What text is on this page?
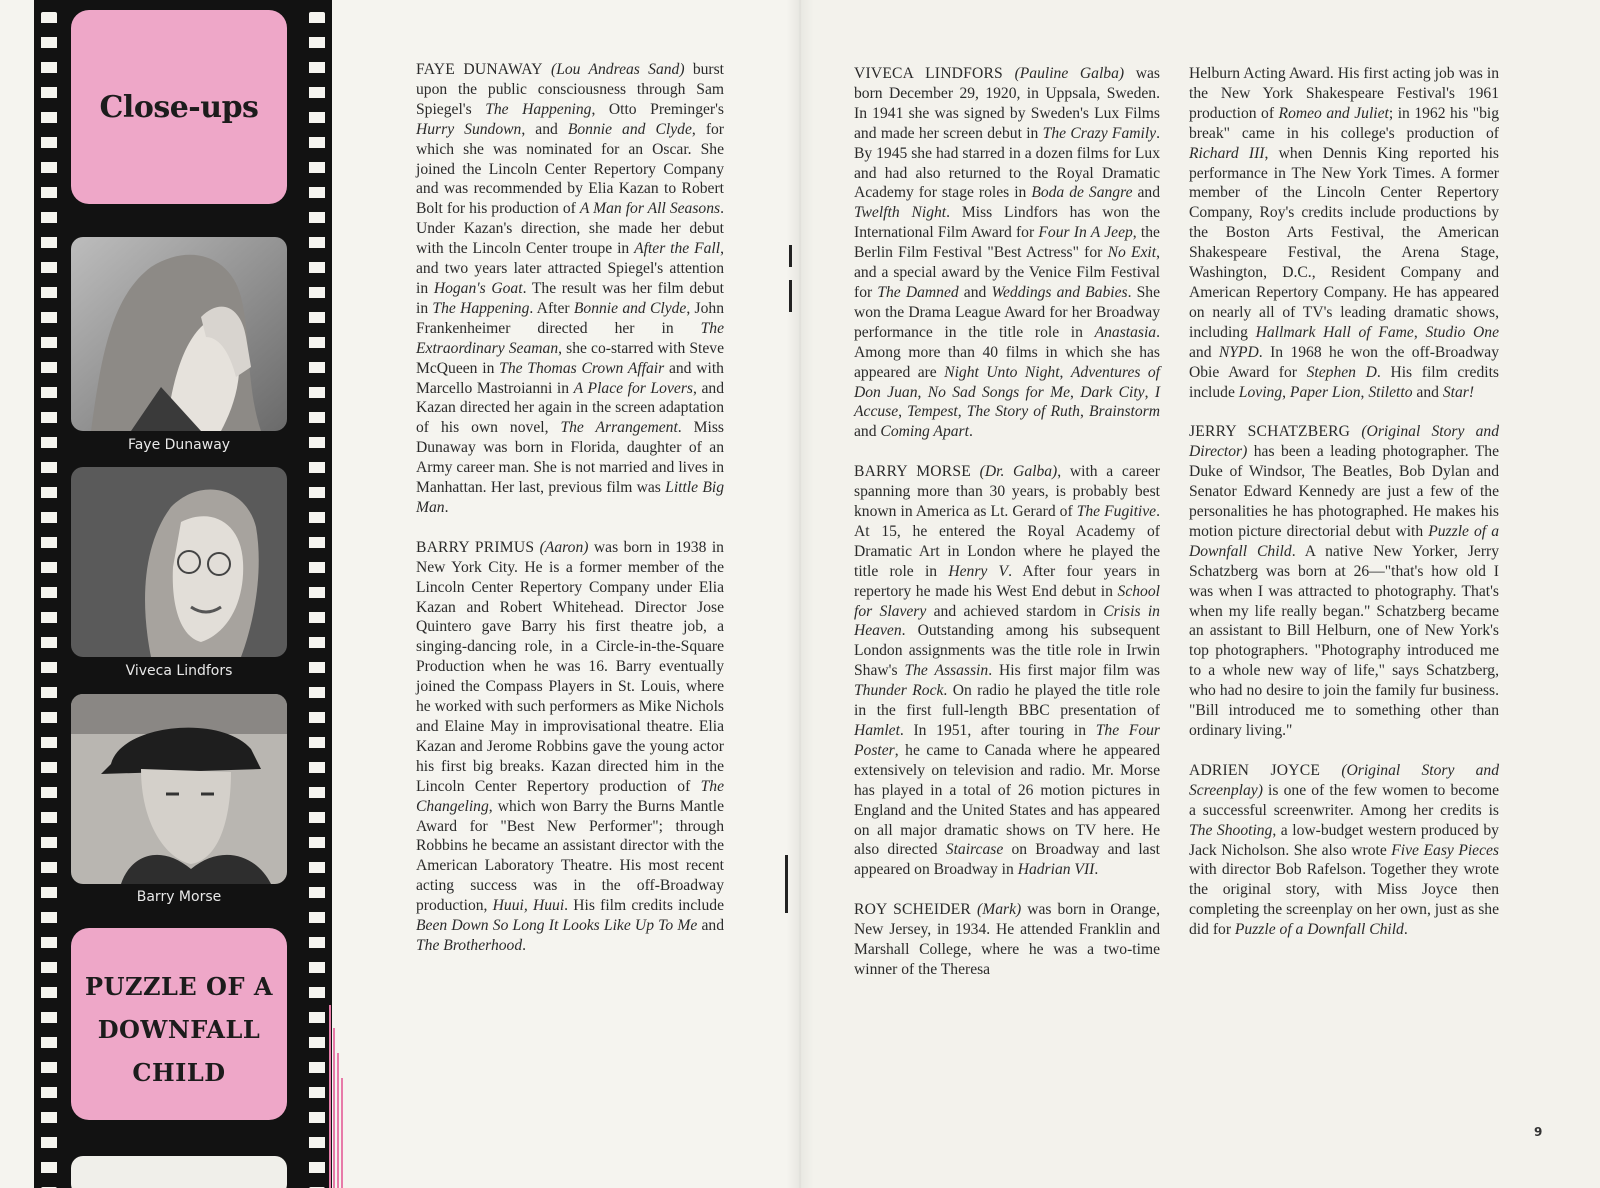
Close-ups
Faye Dunaway
Viveca Lindfors
Barry Morse
PUZZLE OF A
DOWNFALL
CHILD

FAYE DUNAWAY (Lou Andreas Sand) burst upon the public consciousness through Sam Spiegel's The Happening, Otto Preminger's Hurry Sundown, and Bonnie and Clyde, for which she was nominated for an Oscar. She joined the Lincoln Center Repertory Company and was recommended by Elia Kazan to Robert Bolt for his production of A Man for All Seasons. Under Kazan's direction, she made her debut with the Lincoln Center troupe in After the Fall, and two years later attracted Spiegel's attention in Hogan's Goat. The result was her film debut in The Happening. After Bonnie and Clyde, John Frankenheimer directed her in The Extraordinary Seaman, she co-starred with Steve McQueen in The Thomas Crown Affair and with Marcello Mastroianni in A Place for Lovers, and Kazan directed her again in the screen adaptation of his own novel, The Arrangement. Miss Dunaway was born in Florida, daughter of an Army career man. She is not married and lives in Manhattan. Her last, previous film was Little Big Man.

BARRY PRIMUS (Aaron) was born in 1938 in New York City. He is a former member of the Lincoln Center Repertory Company under Elia Kazan and Robert Whitehead. Director Jose Quintero gave Barry his first theatre job, a singing-dancing role, in a Circle-in-the-Square Production when he was 16. Barry eventually joined the Compass Players in St. Louis, where he worked with such performers as Mike Nichols and Elaine May in improvisational theatre. Elia Kazan and Jerome Robbins gave the young actor his first big breaks. Kazan directed him in the Lincoln Center Repertory production of The Changeling, which won Barry the Burns Mantle Award for "Best New Performer"; through Robbins he became an assistant director with the American Laboratory Theatre. His most recent acting success was in the off-Broadway production, Huui, Huui. His film credits include Been Down So Long It Looks Like Up To Me and The Brotherhood.

VIVECA LINDFORS (Pauline Galba) was born December 29, 1920, in Uppsala, Sweden. In 1941 she was signed by Sweden's Lux Films and made her screen debut in The Crazy Family. By 1945 she had starred in a dozen films for Lux and had also returned to the Royal Dramatic Academy for stage roles in Boda de Sangre and Twelfth Night. Miss Lindfors has won the International Film Award for Four In A Jeep, the Berlin Film Festival "Best Actress" for No Exit, and a special award by the Venice Film Festival for The Damned and Weddings and Babies. She won the Drama League Award for her Broadway performance in the title role in Anastasia. Among more than 40 films in which she has appeared are Night Unto Night, Adventures of Don Juan, No Sad Songs for Me, Dark City, I Accuse, Tempest, The Story of Ruth, Brainstorm and Coming Apart.

BARRY MORSE (Dr. Galba), with a career spanning more than 30 years, is probably best known in America as Lt. Gerard of The Fugitive. At 15, he entered the Royal Academy of Dramatic Art in London where he played the title role in Henry V. After four years in repertory he made his West End debut in School for Slavery and achieved stardom in Crisis in Heaven. Outstanding among his subsequent London assignments was the title role in Irwin Shaw's The Assassin. His first major film was Thunder Rock. On radio he played the title role in the first full-length BBC presentation of Hamlet. In 1951, after touring in The Four Poster, he came to Canada where he appeared extensively on television and radio. Mr. Morse has played in a total of 26 motion pictures in England and the United States and has appeared on all major dramatic shows on TV here. He also directed Staircase on Broadway and last appeared on Broadway in Hadrian VII.

ROY SCHEIDER (Mark) was born in Orange, New Jersey, in 1934. He attended Franklin and Marshall College, where he was a two-time winner of the Theresa

Helburn Acting Award. His first acting job was in the New York Shakespeare Festival's 1961 production of Romeo and Juliet; in 1962 his "big break" came in his college's production of Richard III, when Dennis King reported his performance in The New York Times. A former member of the Lincoln Center Repertory Company, Roy's credits include productions by the Boston Arts Festival, the American Shakespeare Festival, the Arena Stage, Washington, D.C., Resident Company and American Repertory Company. He has appeared on nearly all of TV's leading dramatic shows, including Hallmark Hall of Fame, Studio One and NYPD. In 1968 he won the off-Broadway Obie Award for Stephen D. His film credits include Loving, Paper Lion, Stiletto and Star!

JERRY SCHATZBERG (Original Story and Director) has been a leading photographer. The Duke of Windsor, The Beatles, Bob Dylan and Senator Edward Kennedy are just a few of the personalities he has photographed. He makes his motion picture directorial debut with Puzzle of a Downfall Child. A native New Yorker, Jerry Schatzberg was born at 26—"that's how old I was when I was attracted to photography. That's when my life really began." Schatzberg became an assistant to Bill Helburn, one of New York's top photographers. "Photography introduced me to a whole new way of life," says Schatzberg, who had no desire to join the family fur business. "Bill introduced me to something other than ordinary living."

ADRIEN JOYCE (Original Story and Screenplay) is one of the few women to become a successful screenwriter. Among her credits is The Shooting, a low-budget western produced by Jack Nicholson. She also wrote Five Easy Pieces with director Bob Rafelson. Together they wrote the original story, with Miss Joyce then completing the screenplay on her own, just as she did for Puzzle of a Downfall Child.

9
